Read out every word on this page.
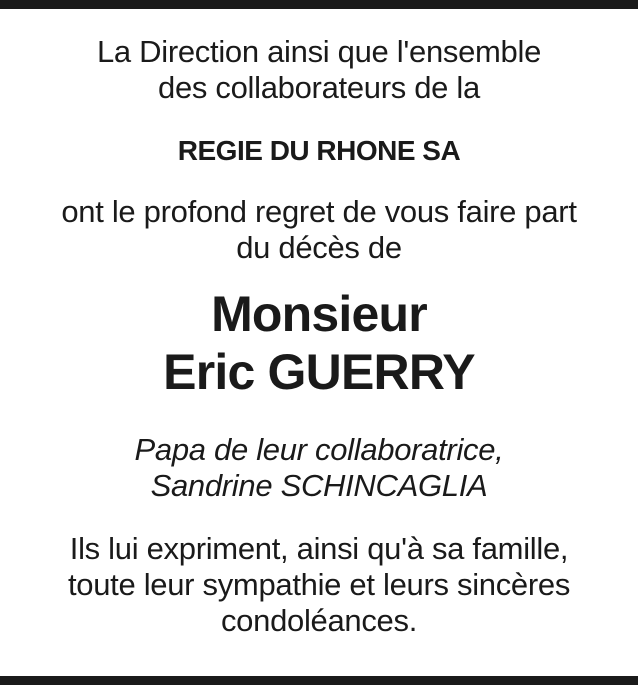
La Direction ainsi que l'ensemble
des collaborateurs de la
REGIE DU RHONE SA
ont le profond regret de vous faire part
du décès de
Monsieur
Eric GUERRY
Papa de leur collaboratrice,
Sandrine SCHINCAGLIA
Ils lui expriment, ainsi qu'à sa famille,
toute leur sympathie et leurs sincères
condoléances.
